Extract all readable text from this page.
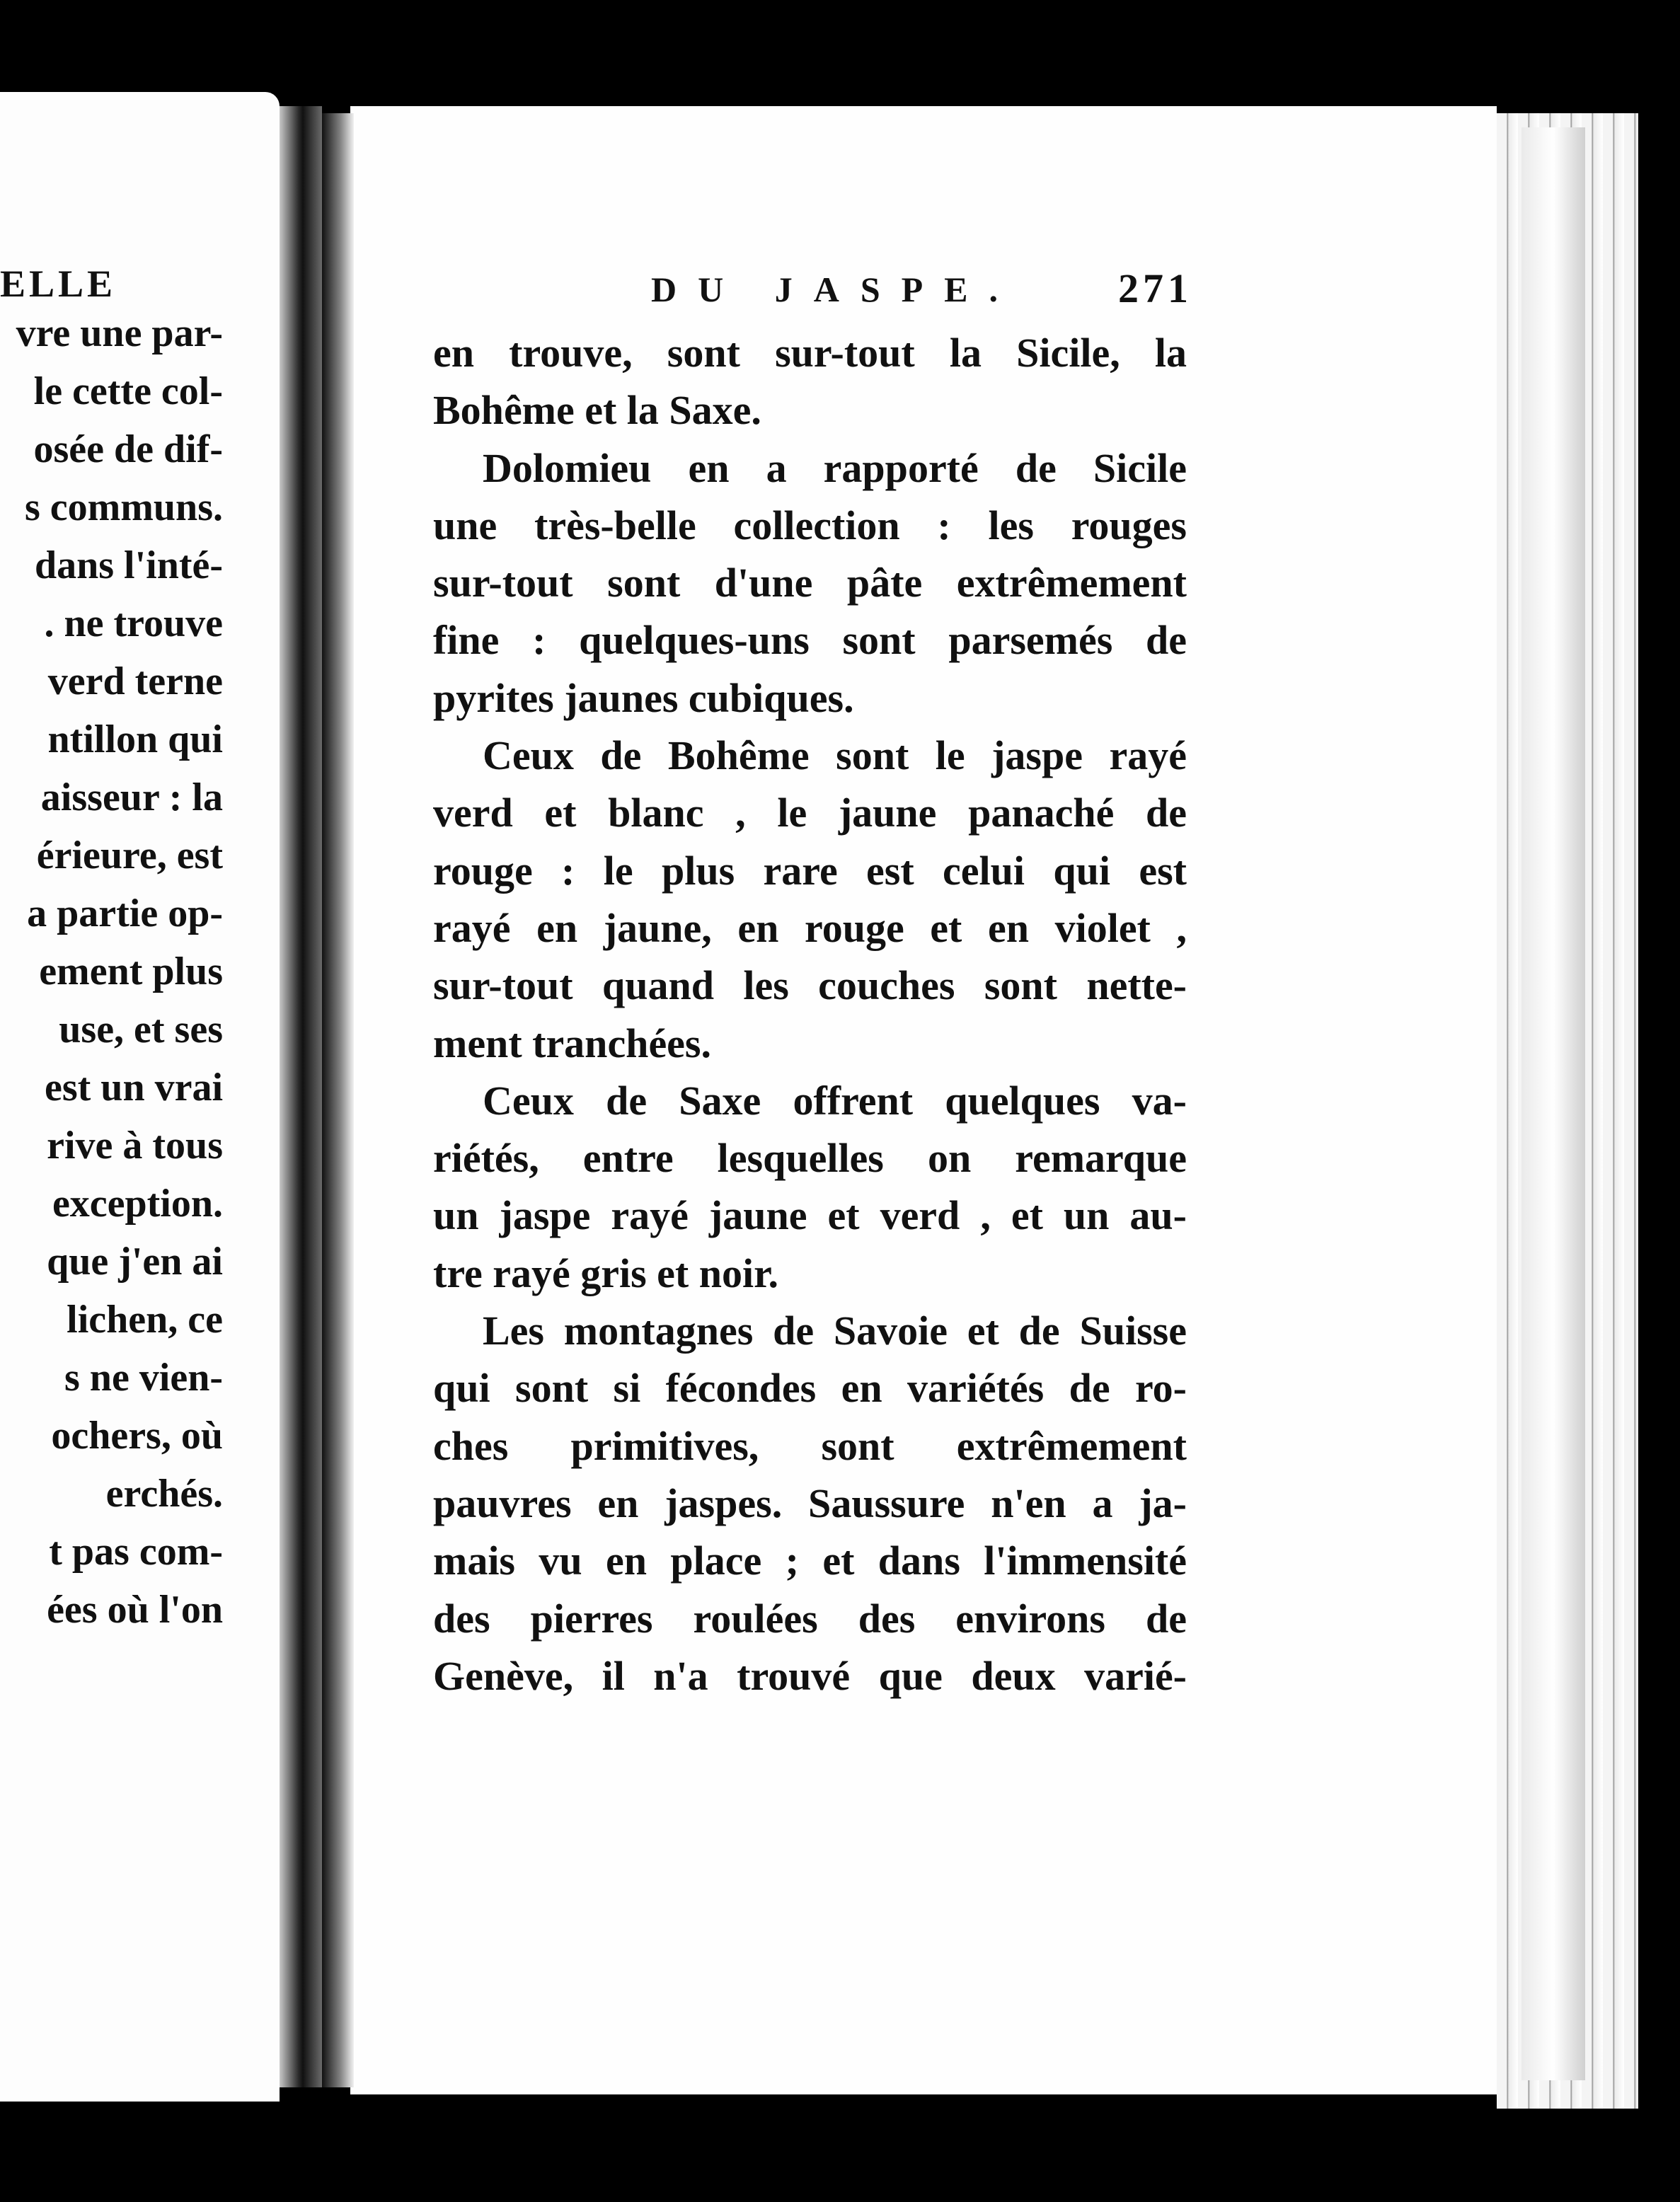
ELLE
vre une par-
le cette col-
osée de dif-
s communs.
dans l'inté-
. ne trouve
verd terne
ntillon qui
aisseur : la
érieure, est
a partie op-
ement plus
use, et ses
est un vrai
rive à tous
exception.
que j'en ai
lichen, ce
s ne vien-
ochers, où
erchés.
t pas com-
ées où l'on
DU JASPE. 271
en trouve, sont sur-tout la Sicile, la
Bohême et la Saxe.
Dolomieu en a rapporté de Sicile
une très-belle collection : les rouges
sur-tout sont d'une pâte extrêmement
fine : quelques-uns sont parsemés de
pyrites jaunes cubiques.
Ceux de Bohême sont le jaspe rayé
verd et blanc , le jaune panaché de
rouge : le plus rare est celui qui est
rayé en jaune, en rouge et en violet ,
sur-tout quand les couches sont nette-
ment tranchées.
Ceux de Saxe offrent quelques va-
riétés, entre lesquelles on remarque
un jaspe rayé jaune et verd , et un au-
tre rayé gris et noir.
Les montagnes de Savoie et de Suisse
qui sont si fécondes en variétés de ro-
ches primitives, sont extrêmement
pauvres en jaspes. Saussure n'en a ja-
mais vu en place ; et dans l'immensité
des pierres roulées des environs de
Genève, il n'a trouvé que deux varié-
